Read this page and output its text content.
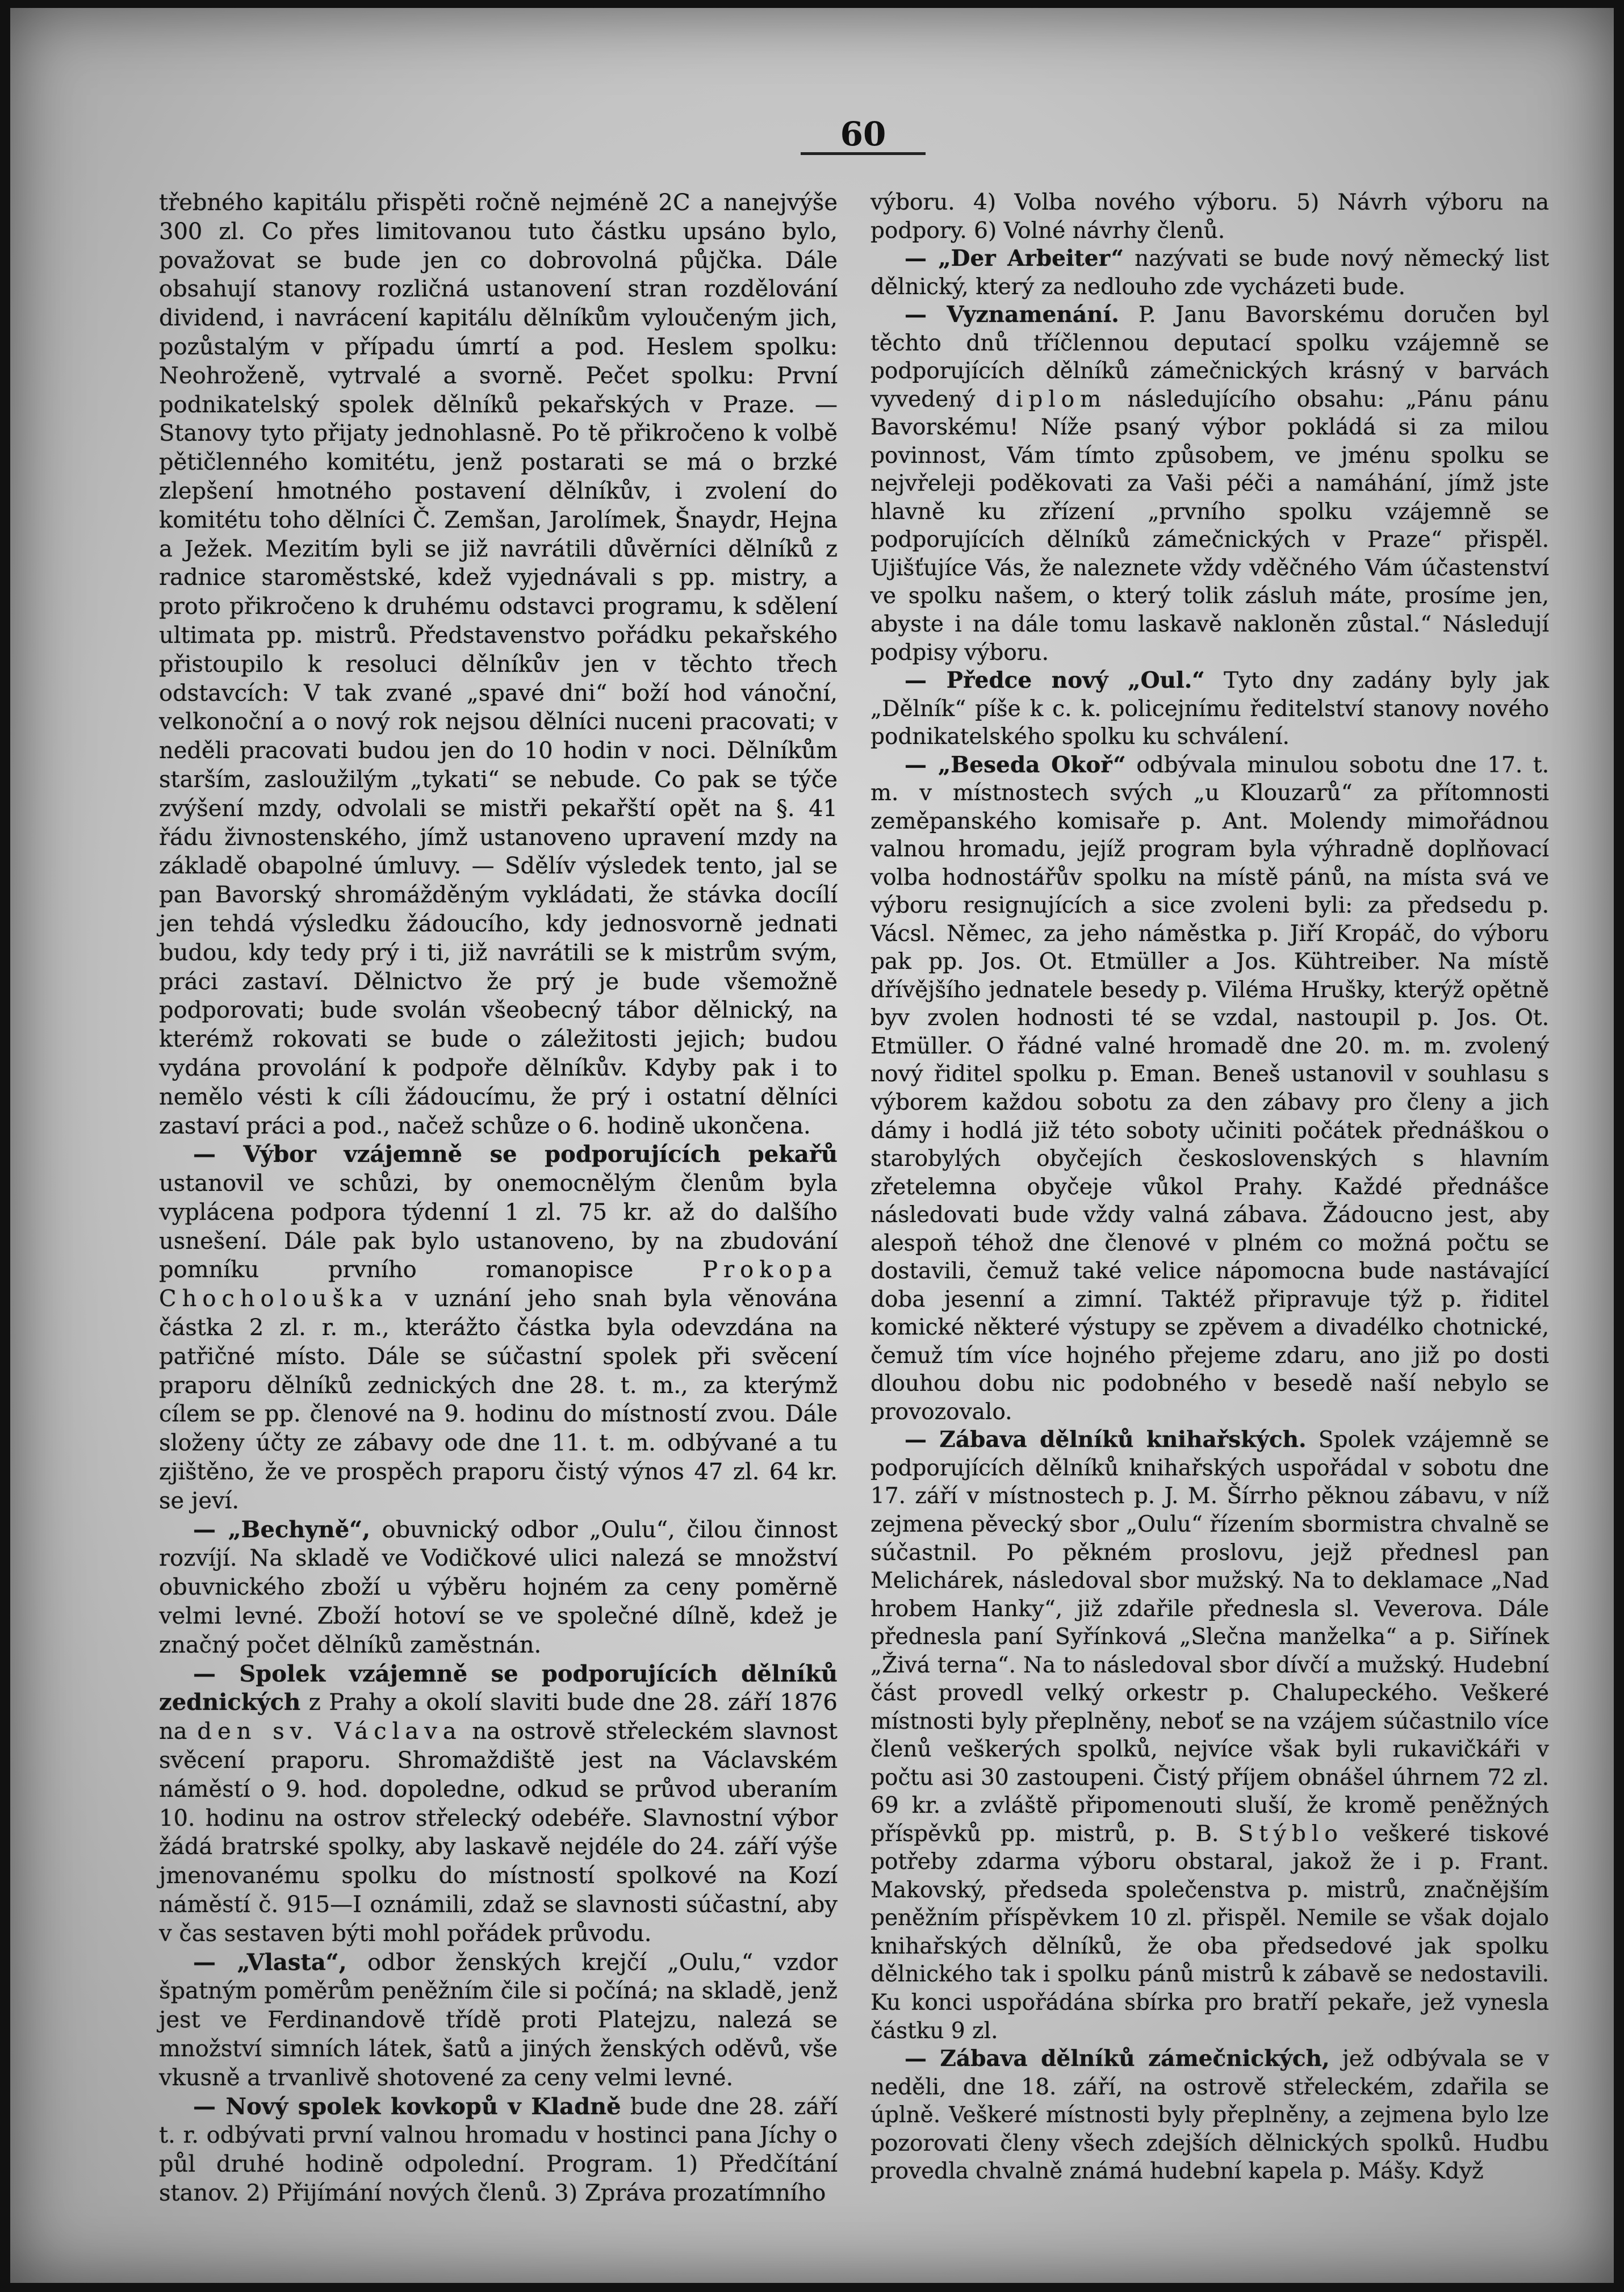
60

třebného kapitálu přispěti ročně nejméně 2C a nanejvýše 300 zl. Co přes limitovanou tuto částku upsáno bylo, považovat se bude jen co dobrovolná půjčka. Dále obsahují stanovy rozličná ustanovení stran rozdělování dividend, i navrácení kapitálu dělníkům vyloučeným jich, pozůstalým v případu úmrtí a pod. Heslem spolku: Neohroženě, vytrvalé a svorně. Pečet spolku: První podnikatelský spolek dělníků pekařských v Praze. — Stanovy tyto přijaty jednohlasně. Po tě přikročeno k volbě pětičlenného komitétu, jenž postarati se má o brzké zlepšení hmotného postavení dělníkův, i zvolení do komitétu toho dělníci Č. Zemšan, Jarolímek, Šnaydr, Hejna a Ježek. Mezitím byli se již navrátili důvěrníci dělníků z radnice staroměstské, kdež vyjednávali s pp. mistry, a proto přikročeno k druhému odstavci programu, k sdělení ultimata pp. mistrů. Představenstvo pořádku pekařského přistoupilo k resoluci dělníkův jen v těchto třech odstavcích: V tak zvané „spavé dni“ boží hod vánoční, velkonoční a o nový rok nejsou dělníci nuceni pracovati; v neděli pracovati budou jen do 10 hodin v noci. Dělníkům starším, zasloužilým „tykati“ se nebude. Co pak se týče zvýšení mzdy, odvolali se mistři pekařští opět na §. 41 řádu živnostenského, jímž ustanoveno upravení mzdy na základě obapolné úmluvy. — Sdělív výsledek tento, jal se pan Bavorský shromážděným vykládati, že stávka docílí jen tehdá výsledku žádoucího, kdy jednosvorně jednati budou, kdy tedy prý i ti, již navrátili se k mistrům svým, práci zastaví. Dělnictvo že prý je bude všemožně podporovati; bude svolán všeobecný tábor dělnický, na kterémž rokovati se bude o záležitosti jejich; budou vydána provolání k podpoře dělníkův. Kdyby pak i to nemělo vésti k cíli žádoucímu, že prý i ostatní dělníci zastaví práci a pod., načež schůze o 6. hodině ukončena.

— Výbor vzájemně se podporujících pekařů ustanovil ve schůzi, by onemocnělým členům byla vyplácena podpora týdenní 1 zl. 75 kr. až do dalšího usnešení. Dále pak bylo ustanoveno, by na zbudování pomníku prvního romanopisce Prokopa Chocholouška v uznání jeho snah byla věnována částka 2 zl. r. m., kterážto částka byla odevzdána na patřičné místo. Dále se súčastní spolek při svěcení praporu dělníků zednických dne 28. t. m., za kterýmž cílem se pp. členové na 9. hodinu do místností zvou. Dále složeny účty ze zábavy ode dne 11. t. m. odbývané a tu zjištěno, že ve prospěch praporu čistý výnos 47 zl. 64 kr. se jeví.

— „Bechyně“, obuvnický odbor „Oulu“, čilou činnost rozvíjí. Na skladě ve Vodičkové ulici nalezá se množství obuvnického zboží u výběru hojném za ceny poměrně velmi levné. Zboží hotoví se ve společné dílně, kdež je značný počet dělníků zaměstnán.

— Spolek vzájemně se podporujících dělníků zednických z Prahy a okolí slaviti bude dne 28. září 1876 na den sv. Václava na ostrově střeleckém slavnost svěcení praporu. Shromaždiště jest na Václavském náměstí o 9. hod. dopoledne, odkud se průvod uberaním 10. hodinu na ostrov střelecký odebéře. Slavnostní výbor žádá bratrské spolky, aby laskavě nejdéle do 24. září výše jmenovanému spolku do místností spolkové na Kozí náměstí č. 915—I oznámili, zdaž se slavnosti súčastní, aby v čas sestaven býti mohl pořádek průvodu.

— „Vlasta“, odbor ženských krejčí „Oulu,“ vzdor špatným poměrům peněžním čile si počíná; na skladě, jenž jest ve Ferdinandově třídě proti Platejzu, nalezá se množství simních látek, šatů a jiných ženských oděvů, vše vkusně a trvanlivě shotovené za ceny velmi levné.

— Nový spolek kovkopů v Kladně bude dne 28. září t. r. odbývati první valnou hromadu v hostinci pana Jíchy o půl druhé hodině odpolední. Program. 1) Předčítání stanov. 2) Přijímání nových členů. 3) Zpráva prozatímního

výboru. 4) Volba nového výboru. 5) Návrh výboru na podpory. 6) Volné návrhy členů.

— „Der Arbeiter“ nazývati se bude nový německý list dělnický, který za nedlouho zde vycházeti bude.

— Vyznamenání. P. Janu Bavorskému doručen byl těchto dnů tříčlennou deputací spolku vzájemně se podporujících dělníků zámečnických krásný v barvách vyvedený diplom následujícího obsahu: „Pánu pánu Bavorskému! Níže psaný výbor pokládá si za milou povinnost, Vám tímto způsobem, ve jménu spolku se nejvřeleji poděkovati za Vaši péči a namáhání, jímž jste hlavně ku zřízení „prvního spolku vzájemně se podporujících dělníků zámečnických v Praze“ přispěl. Ujišťujíce Vás, že naleznete vždy vděčného Vám účastenství ve spolku našem, o který tolik zásluh máte, prosíme jen, abyste i na dále tomu laskavě nakloněn zůstal.“ Následují podpisy výboru.

— Předce nový „Oul.“ Tyto dny zadány byly jak „Dělník“ píše k c. k. policejnímu ředitelství stanovy nového podnikatelského spolku ku schválení.

— „Beseda Okoř“ odbývala minulou sobotu dne 17. t. m. v místnostech svých „u Klouzarů“ za přítomnosti zeměpanského komisaře p. Ant. Molendy mimořádnou valnou hromadu, jejíž program byla výhradně doplňovací volba hodnostářův spolku na místě pánů, na místa svá ve výboru resignujících a sice zvoleni byli: za předsedu p. Vácsl. Němec, za jeho náměstka p. Jiří Kropáč, do výboru pak pp. Jos. Ot. Etmüller a Jos. Kühtreiber. Na místě dřívějšího jednatele besedy p. Viléma Hrušky, kterýž opětně byv zvolen hodnosti té se vzdal, nastoupil p. Jos. Ot. Etmüller. O řádné valné hromadě dne 20. m. m. zvolený nový řiditel spolku p. Eman. Beneš ustanovil v souhlasu s výborem každou sobotu za den zábavy pro členy a jich dámy i hodlá již této soboty učiniti počátek přednáškou o starobylých obyčejích československých s hlavním zřetelemna obyčeje vůkol Prahy. Každé přednášce následovati bude vždy valná zábava. Žádoucno jest, aby alespoň téhož dne členové v plném co možná počtu se dostavili, čemuž také velice nápomocna bude nastávající doba jesenní a zimní. Taktéž připravuje týž p. řiditel komické některé výstupy se zpěvem a divadélko chotnické, čemuž tím více hojného přejeme zdaru, ano již po dosti dlouhou dobu nic podobného v besedě naší nebylo se provozovalo.

— Zábava dělníků knihařských. Spolek vzájemně se podporujících dělníků knihařských uspořádal v sobotu dne 17. září v místnostech p. J. M. Šírrho pěknou zábavu, v níž zejmena pěvecký sbor „Oulu“ řízením sbormistra chvalně se súčastnil. Po pěkném proslovu, jejž přednesl pan Melichárek, následoval sbor mužský. Na to deklamace „Nad hrobem Hanky“, již zdařile přednesla sl. Veverova. Dále přednesla paní Syřínková „Slečna manželka“ a p. Siřínek „Živá terna“. Na to následoval sbor dívčí a mužský. Hudební část provedl velký orkestr p. Chalupeckého. Veškeré místnosti byly přeplněny, neboť se na vzájem súčastnilo více členů veškerých spolků, nejvíce však byli rukavičkáři v počtu asi 30 zastoupeni. Čistý příjem obnášel úhrnem 72 zl. 69 kr. a zvláště připomenouti sluší, že kromě peněžných příspěvků pp. mistrů, p. B. Stýblo veškeré tiskové potřeby zdarma výboru obstaral, jakož že i p. Frant. Makovský, předseda společenstva p. mistrů, značnějším peněžním příspěvkem 10 zl. přispěl. Nemile se však dojalo knihařských dělníků, že oba předsedové jak spolku dělnického tak i spolku pánů mistrů k zábavě se nedostavili. Ku konci uspořádána sbírka pro bratří pekaře, jež vynesla částku 9 zl.

— Zábava dělníků zámečnických, jež odbývala se v neděli, dne 18. září, na ostrově střeleckém, zdařila se úplně. Veškeré místnosti byly přeplněny, a zejmena bylo lze pozorovati členy všech zdejších dělnických spolků. Hudbu provedla chvalně známá hudební kapela p. Mášy. Když
